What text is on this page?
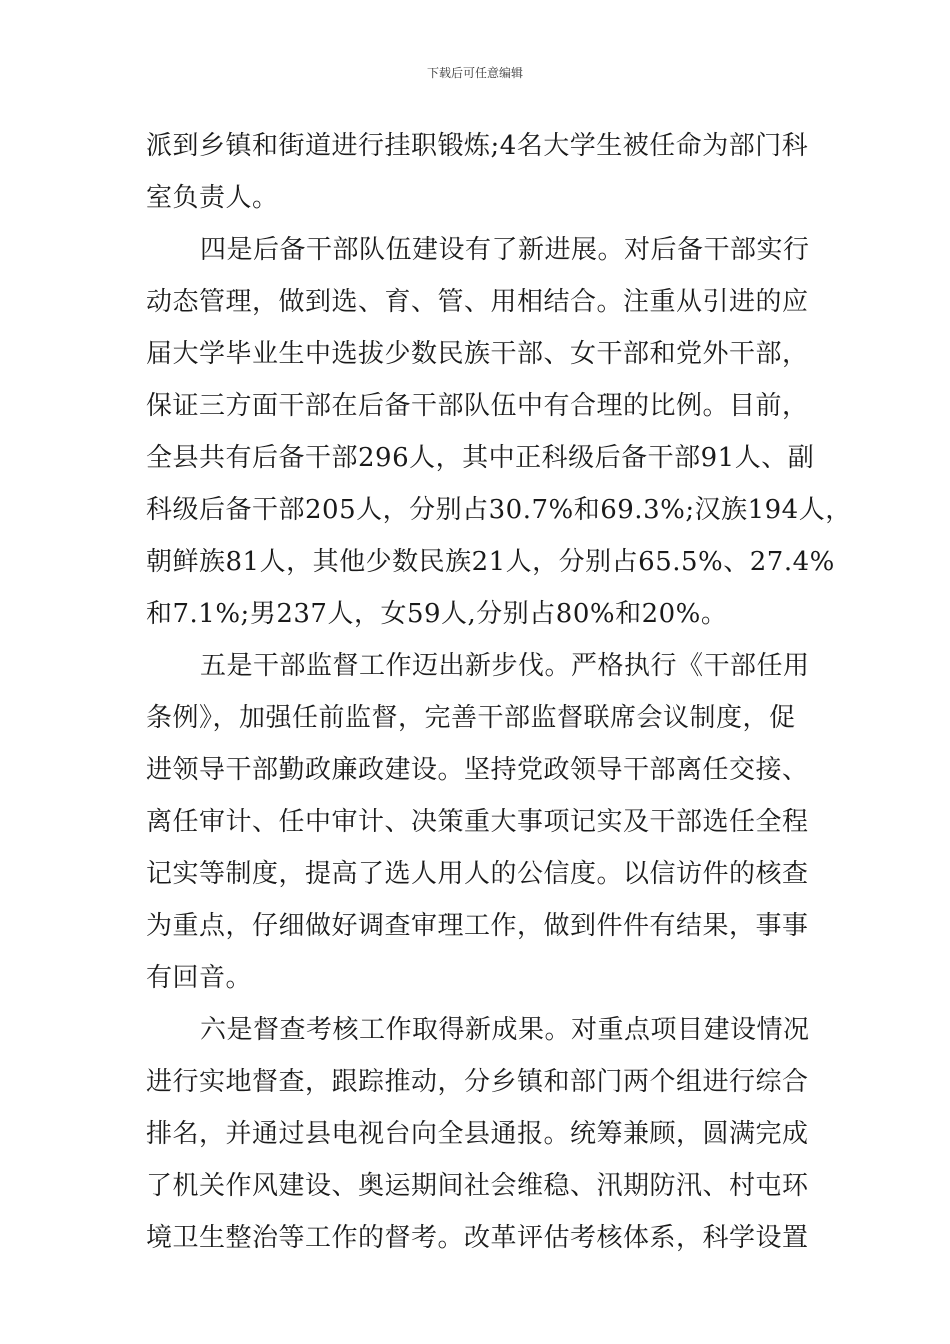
下载后可任意编辑
派到乡镇和街道进行挂职锻炼;4名大学生被任命为部门科
室负责人。
四是后备干部队伍建设有了新进展。对后备干部实行
动态管理，做到选、育、管、用相结合。注重从引进的应
届大学毕业生中选拔少数民族干部、女干部和党外干部，
保证三方面干部在后备干部队伍中有合理的比例。目前，
全县共有后备干部296人，其中正科级后备干部91人、副
科级后备干部205人，分别占30.7%和69.3%;汉族194人，
朝鲜族81人，其他少数民族21人，分别占65.5%、27.4%
和7.1%;男237人，女59人,分别占80%和20%。
五是干部监督工作迈出新步伐。严格执行《干部任用
条例》，加强任前监督，完善干部监督联席会议制度，促
进领导干部勤政廉政建设。坚持党政领导干部离任交接、
离任审计、任中审计、决策重大事项记实及干部选任全程
记实等制度，提高了选人用人的公信度。以信访件的核查
为重点，仔细做好调查审理工作，做到件件有结果，事事
有回音。
六是督查考核工作取得新成果。对重点项目建设情况
进行实地督查，跟踪推动，分乡镇和部门两个组进行综合
排名，并通过县电视台向全县通报。统筹兼顾，圆满完成
了机关作风建设、奥运期间社会维稳、汛期防汛、村屯环
境卫生整治等工作的督考。改革评估考核体系，科学设置
